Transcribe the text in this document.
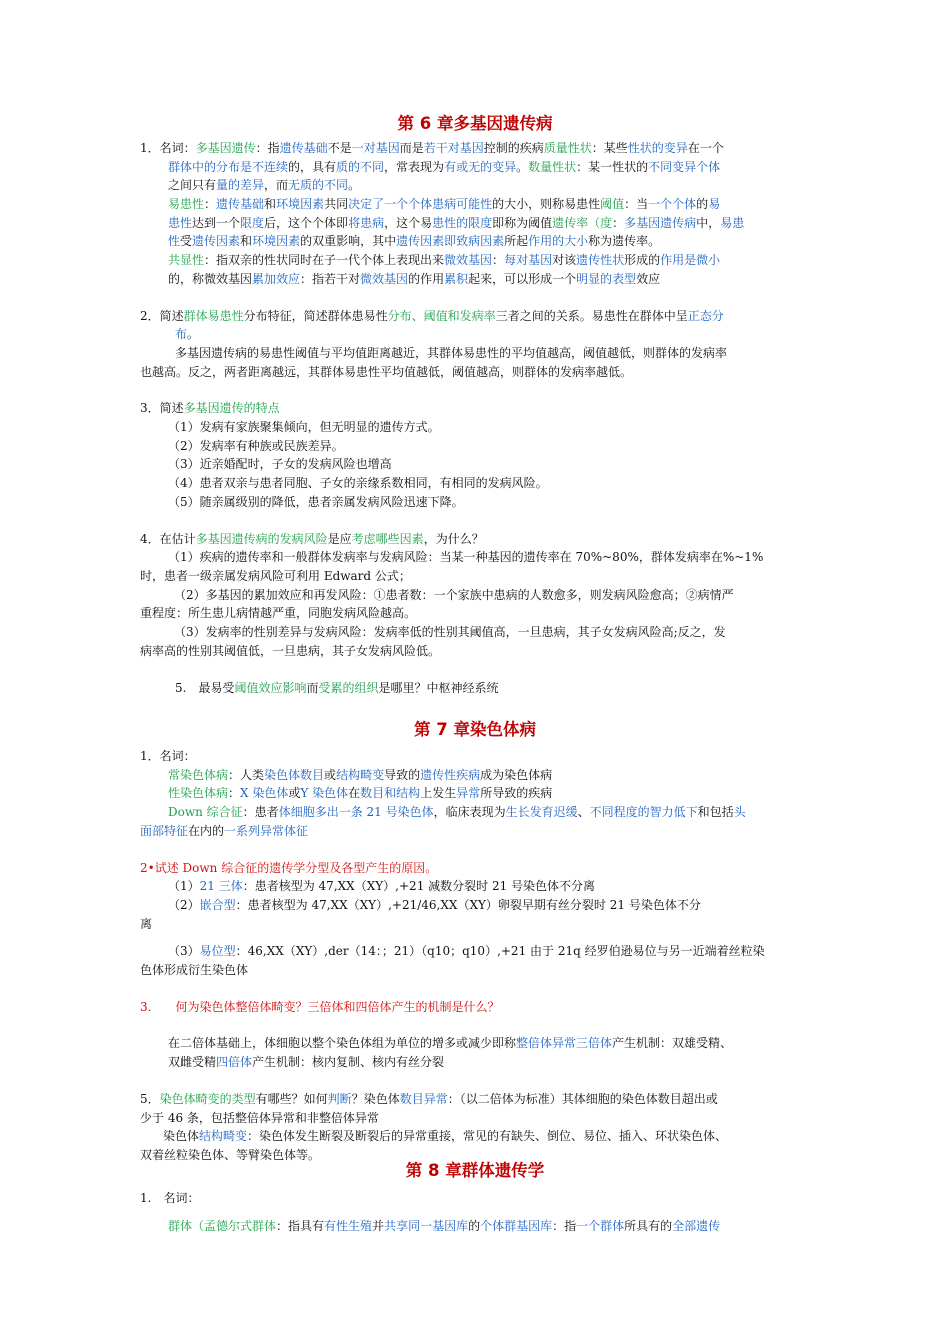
第 6 章多基因遗传病
1．名词：多基因遗传：指遗传基础不是一对基因而是若干对基因控制的疾病质量性状：某些性状的变异在一个
群体中的分布是不连续的，具有质的不同，常表现为有或无的变异。数量性状：某一性状的不同变异个体
之间只有量的差异，而无质的不同。
易患性：遗传基础和环境因素共同决定了一个个体患病可能性的大小，则称易患性阈值：当一个个体的易
患性达到一个限度后，这个个体即将患病，这个易患性的限度即称为阈值遗传率（度：多基因遗传病中，易患
性受遗传因素和环境因素的双重影响，其中遗传因素即致病因素所起作用的大小称为遗传率。
共显性：指双亲的性状同时在子一代个体上表现出来微效基因：每对基因对该遗传性状形成的作用是微小
的，称微效基因累加效应：指若干对微效基因的作用累积起来，可以形成一个明显的表型效应
2．简述群体易患性分布特征，简述群体患易性分布、阈值和发病率三者之间的关系。易患性在群体中呈正态分
布。
多基因遗传病的易患性阈值与平均值距离越近，其群体易患性的平均值越高，阈值越低，则群体的发病率
也越高。反之，两者距离越远，其群体易患性平均值越低，阈值越高，则群体的发病率越低。
3．简述多基因遗传的特点
（1）发病有家族聚集倾向，但无明显的遗传方式。
（2）发病率有种族或民族差异。
（3）近亲婚配时，子女的发病风险也增高
（4）患者双亲与患者同胞、子女的亲缘系数相同，有相同的发病风险。
（5）随亲属级别的降低，患者亲属发病风险迅速下降。
4．在估计多基因遗传病的发病风险是应考虑哪些因素，为什么？
（1）疾病的遗传率和一般群体发病率与发病风险：当某一种基因的遗传率在 70%~80%，群体发病率在%~1%
时，患者一级亲属发病风险可利用 Edward 公式；
（2）多基因的累加效应和再发风险：①患者数：一个家族中患病的人数愈多，则发病风险愈高；②病情严
重程度：所生患儿病情越严重，同胞发病风险越高。
（3）发病率的性别差异与发病风险：发病率低的性别其阈值高，一旦患病，其子女发病风险高;反之，发
病率高的性别其阈值低，一旦患病，其子女发病风险低。
5.　最易受阈值效应影响而受累的组织是哪里？中枢神经系统
第 7 章染色体病
1．名词：
常染色体病：人类染色体数目或结构畸变导致的遗传性疾病成为染色体病
性染色体病：X 染色体或Y 染色体在数目和结构上发生异常所导致的疾病
Down 综合征：患者体细胞多出一条 21 号染色体，临床表现为生长发育迟缓、不同程度的智力低下和包括头
面部特征在内的一系列异常体征
2•试述 Down 综合征的遗传学分型及各型产生的原因。
（1）21 三体：患者核型为 47,XX（XY）,+21 减数分裂时 21 号染色体不分离
（2）嵌合型：患者核型为 47,XX（XY）,+21/46,XX（XY）卵裂早期有丝分裂时 21 号染色体不分
离
（3）易位型：46,XX（XY）,der（14：；21）（q10；q10）,+21 由于 21q 经罗伯逊易位与另一近端着丝粒染
色体形成衍生染色体
3.　　何为染色体整倍体畸变？三倍体和四倍体产生的机制是什么？
在二倍体基础上，体细胞以整个染色体组为单位的增多或减少即称整倍体异常三倍体产生机制：双雄受精、
双雌受精四倍体产生机制：核内复制、核内有丝分裂
5．染色体畸变的类型有哪些？如何判断？染色体数目异常：（以二倍体为标准）其体细胞的染色体数目超出或
少于 46 条，包括整倍体异常和非整倍体异常
染色体结构畸变：染色体发生断裂及断裂后的异常重接，常见的有缺失、倒位、易位、插入、环状染色体、
双着丝粒染色体、等臂染色体等。
第 8 章群体遗传学
1.　名词：
群体（孟德尔式群体：指具有有性生殖并共享同一基因库的个体群基因库：指一个群体所具有的全部遗传
